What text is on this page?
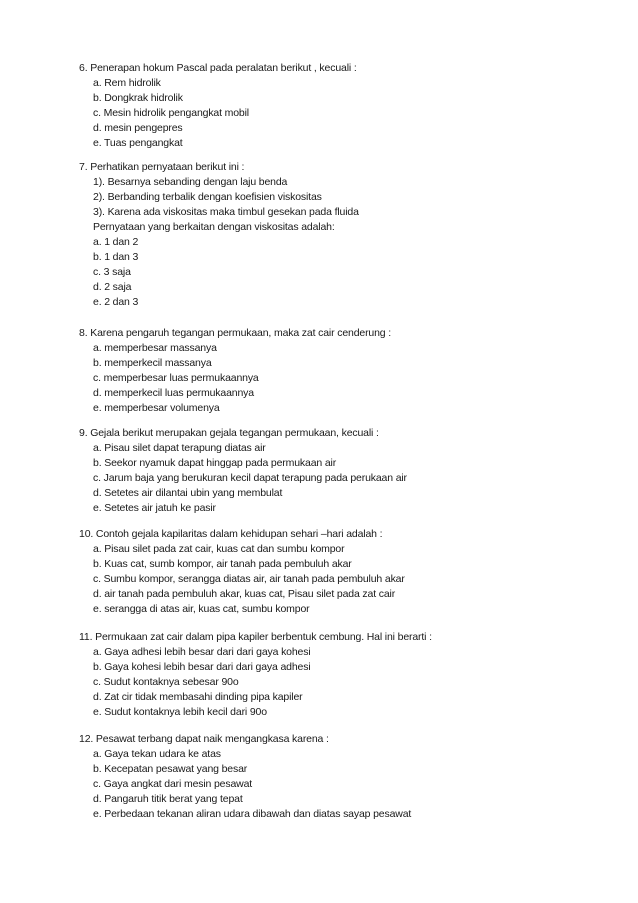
6. Penerapan hokum Pascal pada peralatan berikut , kecuali :
a. Rem hidrolik
b. Dongkrak hidrolik
c. Mesin hidrolik pengangkat mobil
d. mesin pengepres
e. Tuas pengangkat
7. Perhatikan pernyataan berikut ini :
1). Besarnya sebanding dengan laju benda
2). Berbanding terbalik dengan koefisien viskositas
3). Karena ada viskositas maka timbul gesekan pada fluida
Pernyataan yang berkaitan dengan viskositas adalah:
a. 1 dan 2
b. 1 dan 3
c. 3 saja
d. 2 saja
e. 2 dan 3
8. Karena pengaruh tegangan permukaan, maka zat cair cenderung :
a. memperbesar massanya
b. memperkecil massanya
c. memperbesar luas permukaannya
d. memperkecil luas permukaannya
e. memperbesar volumenya
9. Gejala berikut merupakan gejala tegangan permukaan, kecuali :
a. Pisau silet dapat terapung diatas air
b. Seekor nyamuk dapat hinggap pada permukaan air
c. Jarum baja yang berukuran kecil dapat terapung pada perukaan air
d. Setetes air dilantai ubin yang membulat
e. Setetes air jatuh ke pasir
10. Contoh gejala kapilaritas dalam kehidupan sehari –hari adalah :
a. Pisau silet pada zat cair, kuas cat dan sumbu kompor
b. Kuas cat, sumb kompor, air tanah pada pembuluh akar
c. Sumbu kompor, serangga diatas air, air tanah pada pembuluh akar
d. air tanah pada pembuluh akar, kuas cat, Pisau silet pada zat cair
e. serangga di atas air, kuas cat, sumbu kompor
11. Permukaan zat cair dalam pipa kapiler berbentuk cembung. Hal ini berarti :
a. Gaya adhesi lebih besar dari dari gaya kohesi
b. Gaya kohesi lebih besar dari dari gaya adhesi
c. Sudut kontaknya sebesar 90o
d. Zat cir tidak membasahi dinding pipa kapiler
e. Sudut kontaknya lebih kecil dari 90o
12. Pesawat terbang dapat naik mengangkasa karena :
a. Gaya tekan udara ke atas
b. Kecepatan pesawat yang besar
c. Gaya angkat dari mesin pesawat
d. Pangaruh titik berat yang tepat
e. Perbedaan tekanan aliran udara dibawah dan diatas sayap pesawat
